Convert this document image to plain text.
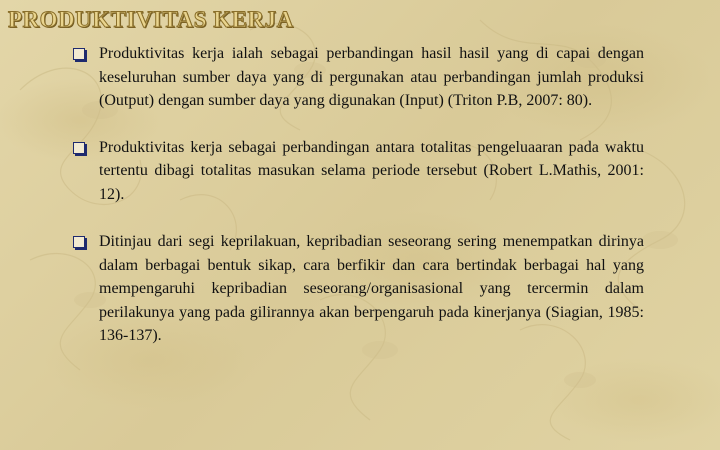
PRODUKTIVITAS KERJA

Produktivitas kerja ialah sebagai perbandingan hasil hasil yang di capai dengan keseluruhan sumber daya yang di pergunakan atau perbandingan jumlah produksi (Output) dengan sumber daya yang digunakan (Input) (Triton P.B, 2007: 80).

Produktivitas kerja sebagai perbandingan antara totalitas pengeluaaran pada waktu tertentu dibagi totalitas masukan selama periode tersebut (Robert L.Mathis, 2001: 12).

Ditinjau dari segi keprilakuan, kepribadian seseorang sering menempatkan dirinya dalam berbagai bentuk sikap, cara berfikir dan cara bertindak berbagai hal yang mempengaruhi kepribadian seseorang/organisasional yang tercermin dalam perilakunya yang pada gilirannya akan berpengaruh pada kinerjanya (Siagian, 1985: 136-137).
